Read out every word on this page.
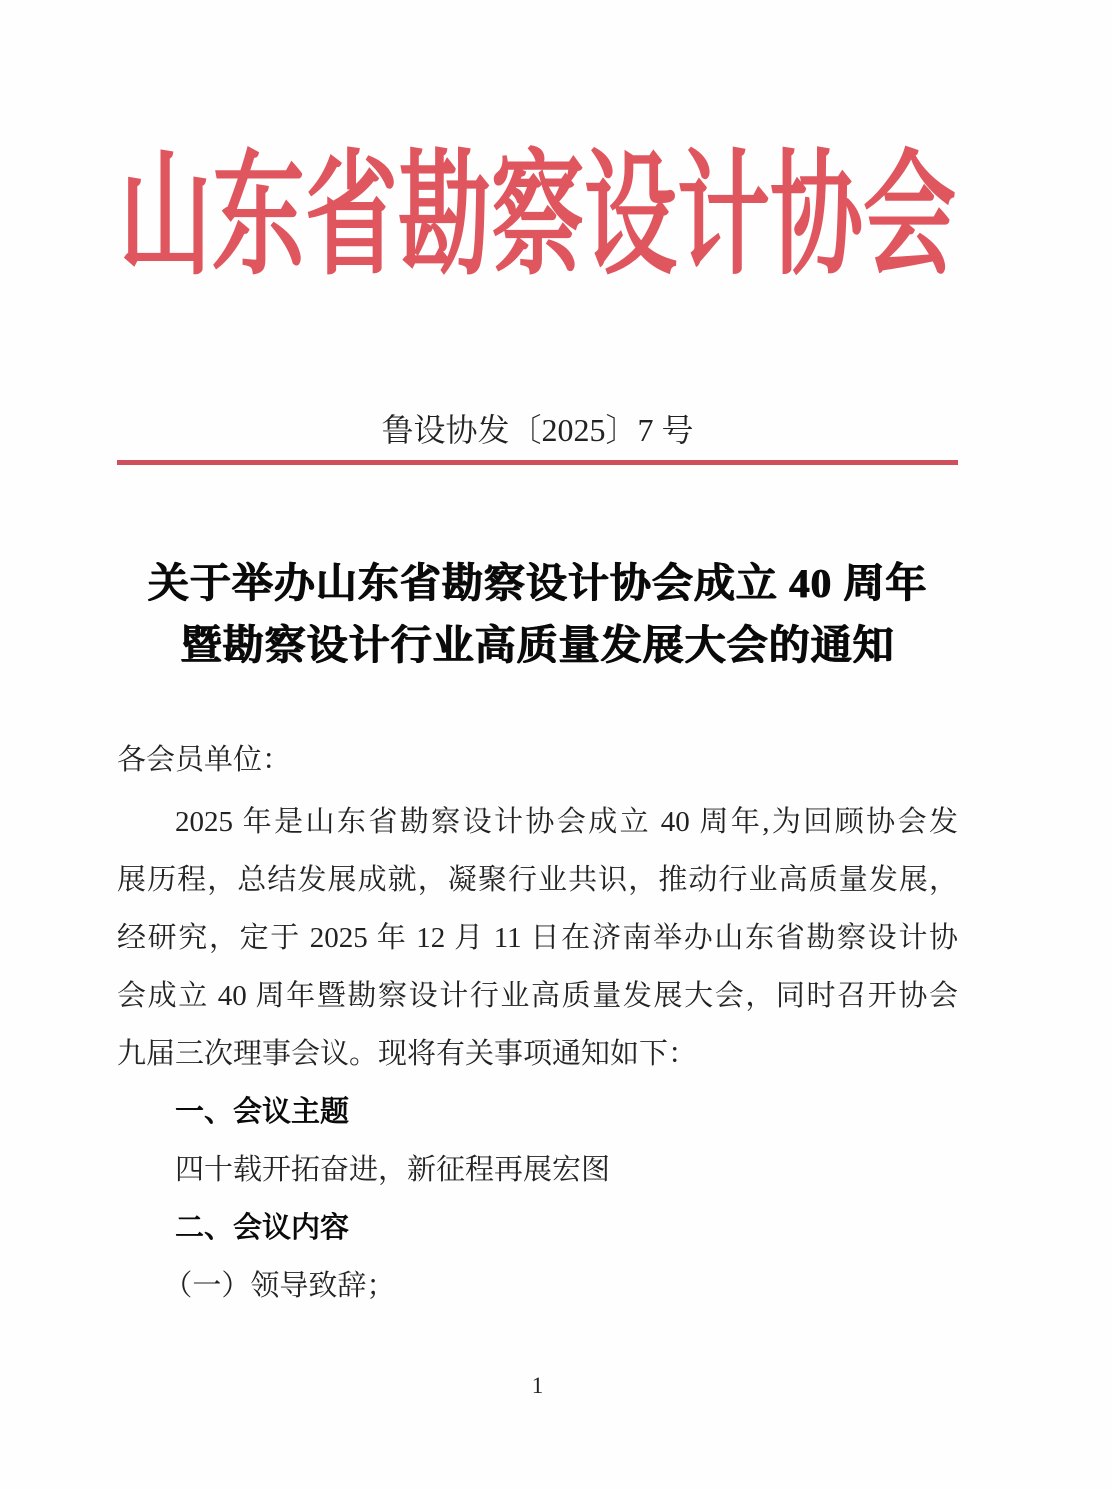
山东省勘察设计协会
鲁设协发〔2025〕7 号
关于举办山东省勘察设计协会成立 40 周年
暨勘察设计行业高质量发展大会的通知
各会员单位：
2025 年是山东省勘察设计协会成立 40 周年,为回顾协会发
展历程，总结发展成就，凝聚行业共识，推动行业高质量发展，
经研究，定于 2025 年 12 月 11 日在济南举办山东省勘察设计协
会成立 40 周年暨勘察设计行业高质量发展大会，同时召开协会
九届三次理事会议。现将有关事项通知如下：
一、会议主题
四十载开拓奋进，新征程再展宏图
二、会议内容
（一）领导致辞；
1
